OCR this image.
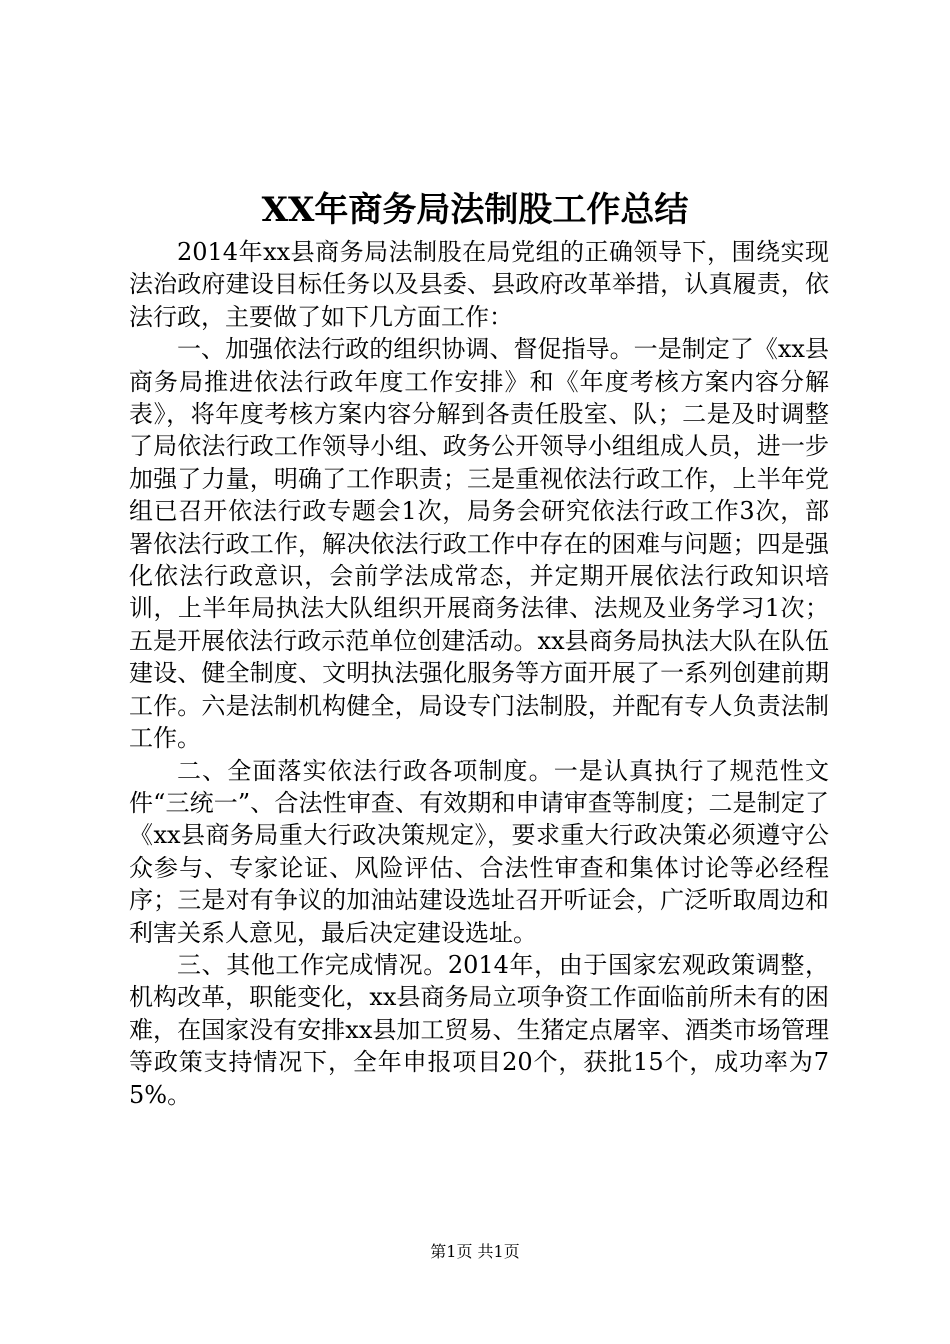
XX年商务局法制股工作总结

2014年xx县商务局法制股在局党组的正确领导下，围绕实现法治政府建设目标任务以及县委、县政府改革举措，认真履责，依法行政，主要做了如下几方面工作：

一、加强依法行政的组织协调、督促指导。一是制定了《xx县商务局推进依法行政年度工作安排》和《年度考核方案内容分解表》，将年度考核方案内容分解到各责任股室、队；二是及时调整了局依法行政工作领导小组、政务公开领导小组组成人员，进一步加强了力量，明确了工作职责；三是重视依法行政工作，上半年党组已召开依法行政专题会1次，局务会研究依法行政工作3次，部署依法行政工作，解决依法行政工作中存在的困难与问题；四是强化依法行政意识，会前学法成常态，并定期开展依法行政知识培训，上半年局执法大队组织开展商务法律、法规及业务学习1次；五是开展依法行政示范单位创建活动。xx县商务局执法大队在队伍建设、健全制度、文明执法强化服务等方面开展了一系列创建前期工作。六是法制机构健全，局设专门法制股，并配有专人负责法制工作。

二、全面落实依法行政各项制度。一是认真执行了规范性文件“三统一”、合法性审查、有效期和申请审查等制度；二是制定了《xx县商务局重大行政决策规定》，要求重大行政决策必须遵守公众参与、专家论证、风险评估、合法性审查和集体讨论等必经程序；三是对有争议的加油站建设选址召开听证会，广泛听取周边和利害关系人意见，最后决定建设选址。

三、其他工作完成情况。2014年，由于国家宏观政策调整，机构改革，职能变化，xx县商务局立项争资工作面临前所未有的困难，在国家没有安排xx县加工贸易、生猪定点屠宰、酒类市场管理等政策支持情况下，全年申报项目20个，获批15个，成功率为75%。

第1页 共1页
